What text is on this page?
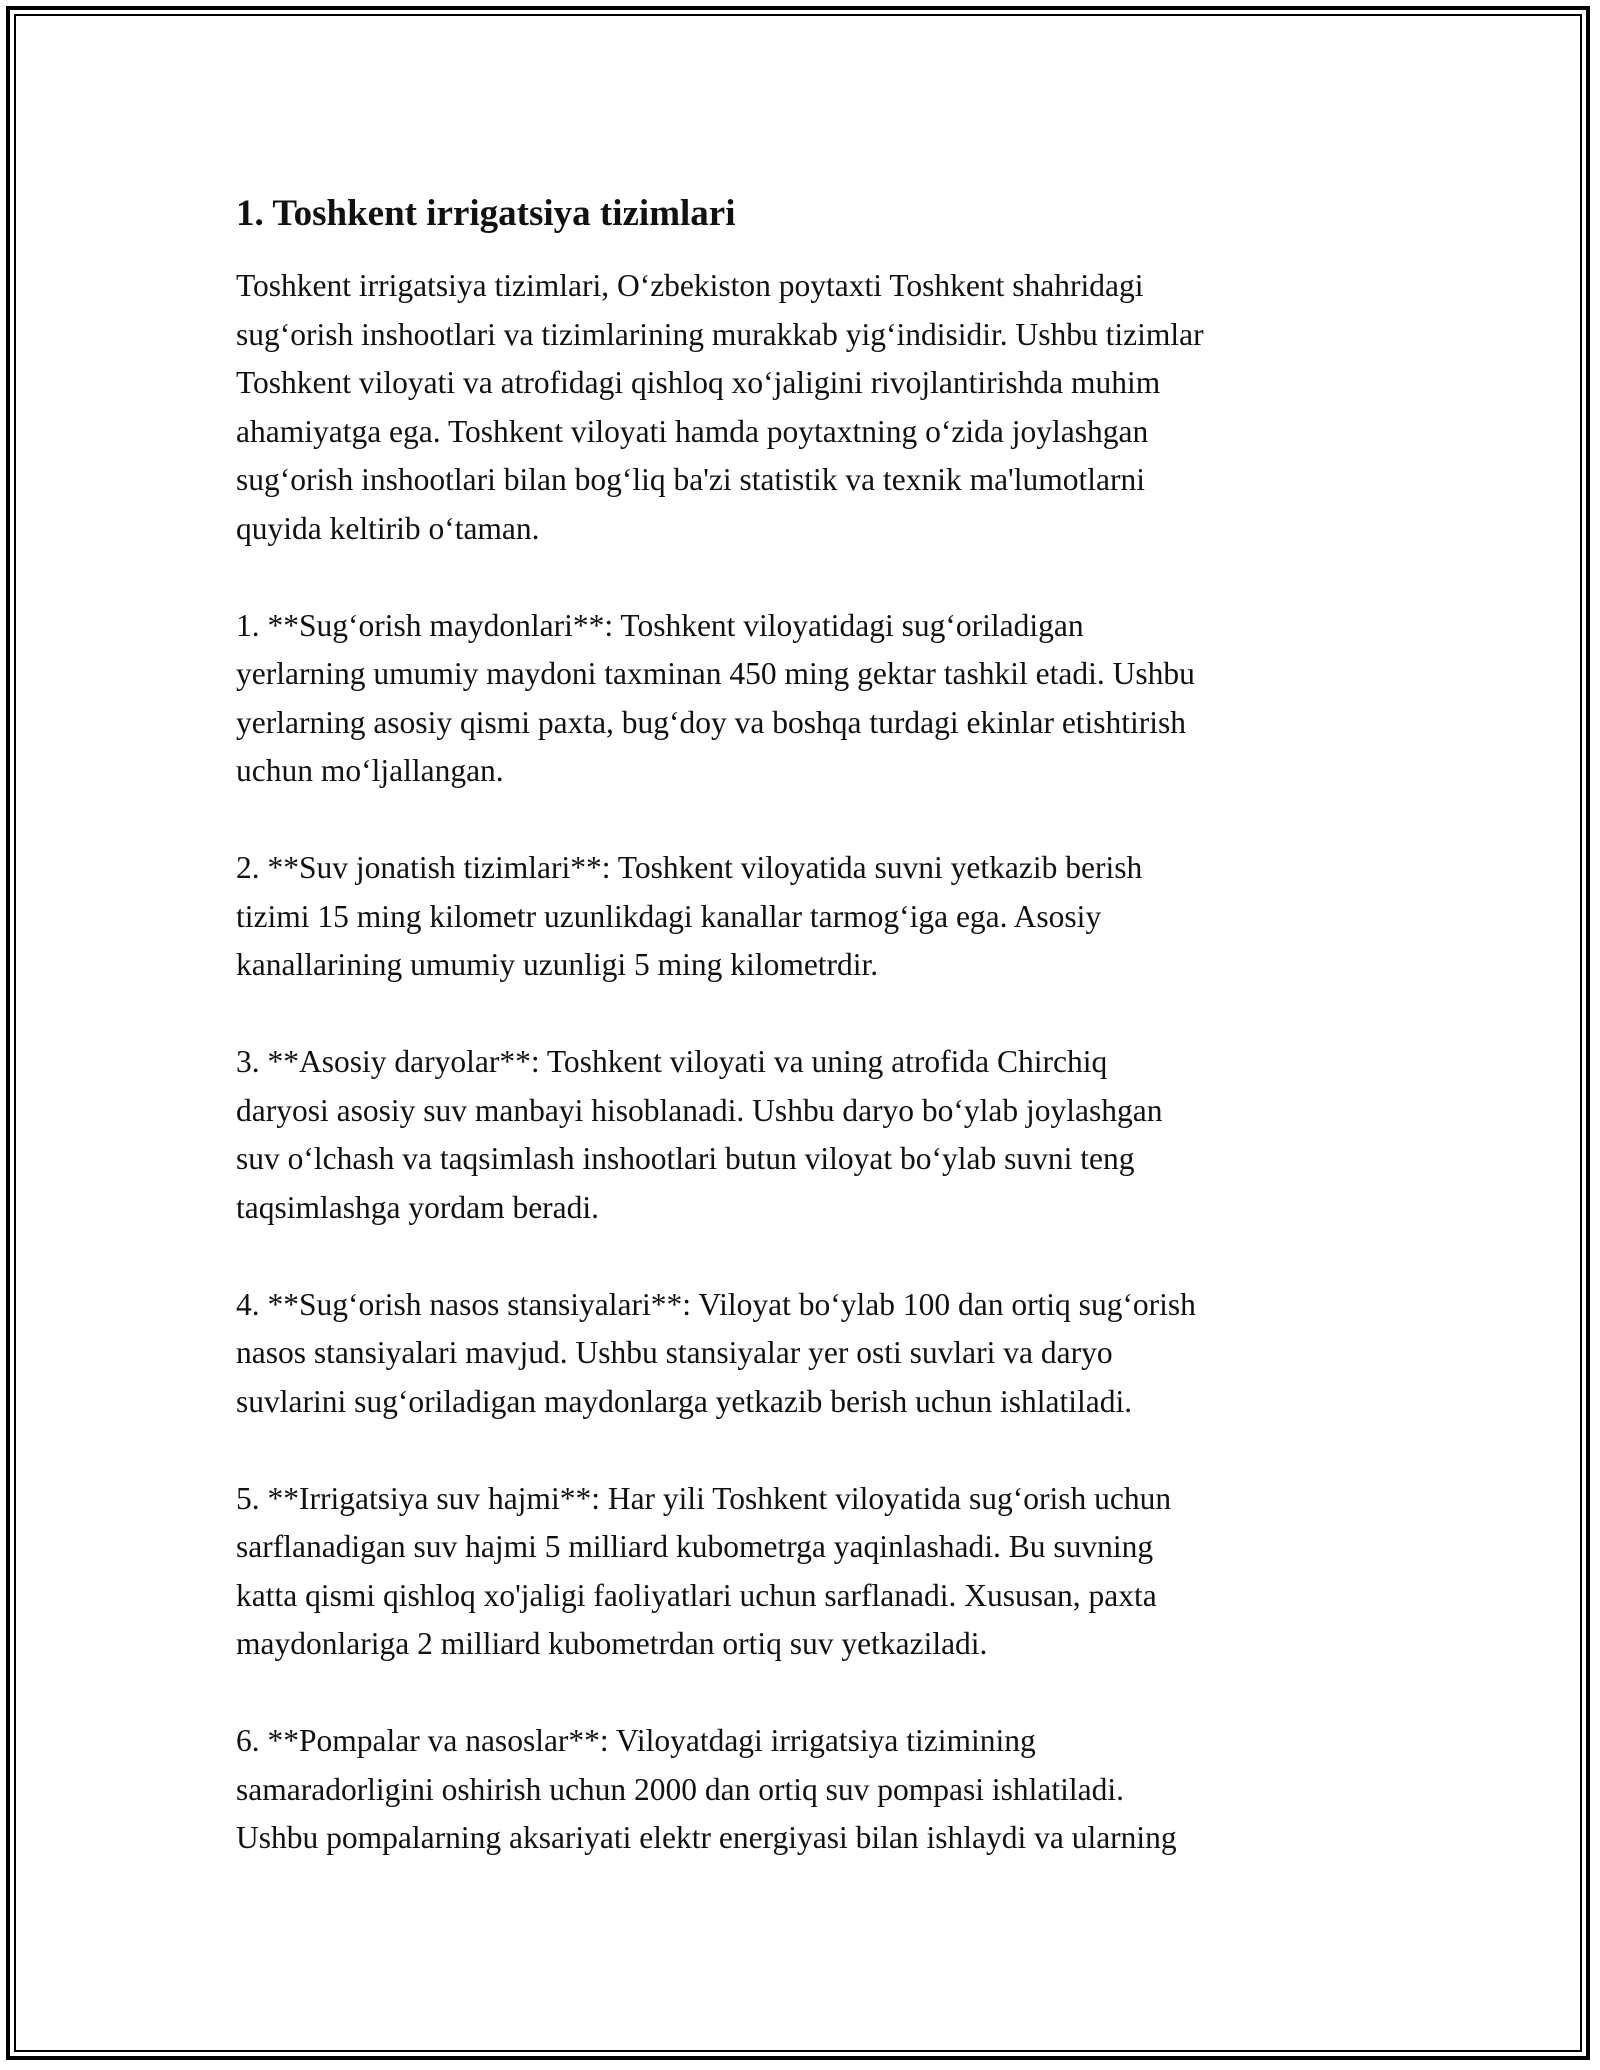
1. Toshkent irrigatsiya tizimlari

Toshkent irrigatsiya tizimlari, Oʻzbekiston poytaxti Toshkent shahridagi
sugʻorish inshootlari va tizimlarining murakkab yigʻindisidir. Ushbu tizimlar
Toshkent viloyati va atrofidagi qishloq xoʻjaligini rivojlantirishda muhim
ahamiyatga ega. Toshkent viloyati hamda poytaxtning oʻzida joylashgan
sugʻorish inshootlari bilan bogʻliq ba'zi statistik va texnik ma'lumotlarni
quyida keltirib oʻtaman.

1. **Sugʻorish maydonlari**: Toshkent viloyatidagi sugʻoriladigan
yerlarning umumiy maydoni taxminan 450 ming gektar tashkil etadi. Ushbu
yerlarning asosiy qismi paxta, bugʻdoy va boshqa turdagi ekinlar etishtirish
uchun moʻljallangan.

2. **Suv jonatish tizimlari**: Toshkent viloyatida suvni yetkazib berish
tizimi 15 ming kilometr uzunlikdagi kanallar tarmogʻiga ega. Asosiy
kanallarining umumiy uzunligi 5 ming kilometrdir.

3. **Asosiy daryolar**: Toshkent viloyati va uning atrofida Chirchiq
daryosi asosiy suv manbayi hisoblanadi. Ushbu daryo boʻylab joylashgan
suv oʻlchash va taqsimlash inshootlari butun viloyat boʻylab suvni teng
taqsimlashga yordam beradi.

4. **Sugʻorish nasos stansiyalari**: Viloyat boʻylab 100 dan ortiq sugʻorish
nasos stansiyalari mavjud. Ushbu stansiyalar yer osti suvlari va daryo
suvlarini sugʻoriladigan maydonlarga yetkazib berish uchun ishlatiladi.

5. **Irrigatsiya suv hajmi**: Har yili Toshkent viloyatida sugʻorish uchun
sarflanadigan suv hajmi 5 milliard kubometrga yaqinlashadi. Bu suvning
katta qismi qishloq xo'jaligi faoliyatlari uchun sarflanadi. Xususan, paxta
maydonlariga 2 milliard kubometrdan ortiq suv yetkaziladi.

6. **Pompalar va nasoslar**: Viloyatdagi irrigatsiya tizimining
samaradorligini oshirish uchun 2000 dan ortiq suv pompasi ishlatiladi.
Ushbu pompalarning aksariyati elektr energiyasi bilan ishlaydi va ularning
